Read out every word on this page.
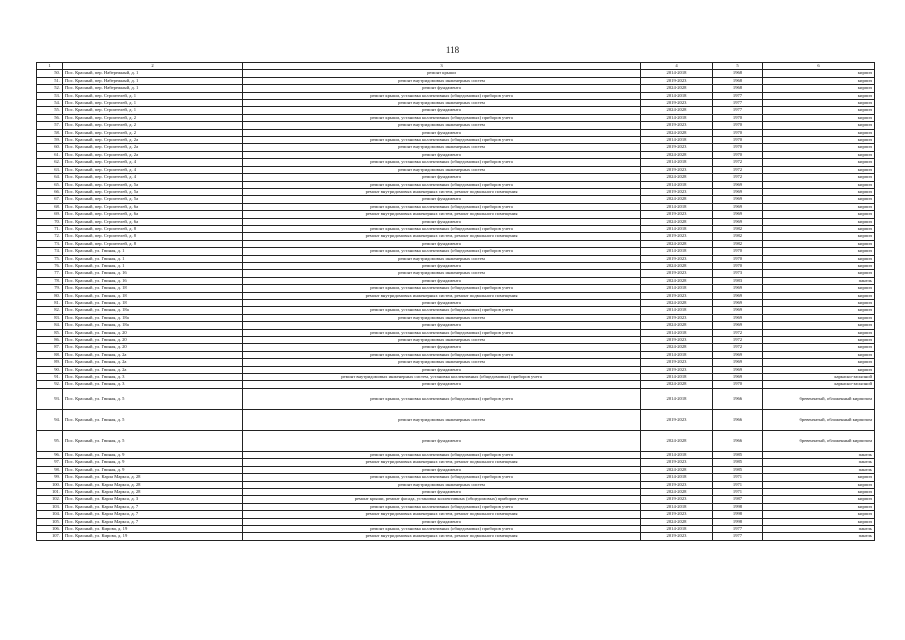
118
1	2	3	4	5	6
50.	Пос. Красный, пер. Набережный, д. 1	ремонт крыши	2014-2018	1968	кирпич
51.	Пос. Красный, пер. Набережный, д. 1	ремонт внутридомовых инженерных систем	2019-2023	1968	кирпич
52.	Пос. Красный, пер. Набережный, д. 1	ремонт фундамента	2024-2028	1968	кирпич
53.	Пос. Красный, пер. Строителей, д. 1	ремонт крыши, установка коллективных (общедомовых) приборов учета	2014-2018	1977	кирпич
54.	Пос. Красный, пер. Строителей, д. 1	ремонт внутридомовых инженерных систем	2019-2023	1977	кирпич
55.	Пос. Красный, пер. Строителей, д. 1	ремонт фундамента	2024-2028	1977	кирпич
56.	Пос. Красный, пер. Строителей, д. 2	ремонт крыши, установка коллективных (общедомовых) приборов учета	2014-2018	1970	кирпич
57.	Пос. Красный, пер. Строителей, д. 2	ремонт внутридомовых инженерных систем	2019-2023	1970	кирпич
58.	Пос. Красный, пер. Строителей, д. 2	ремонт фундамента	2024-2028	1970	кирпич
59.	Пос. Красный, пер. Строителей, д. 2а	ремонт крыши, установка коллективных (общедомовых) приборов учета	2014-2018	1970	кирпич
60.	Пос. Красный, пер. Строителей, д. 2а	ремонт внутридомовых инженерных систем	2019-2023	1970	кирпич
61.	Пос. Красный, пер. Строителей, д. 2а	ремонт фундамента	2024-2028	1970	кирпич
62.	Пос. Красный, пер. Строителей, д. 4	ремонт крыши, установка коллективных (общедомовых) приборов учета	2014-2018	1972	кирпич
63.	Пос. Красный, пер. Строителей, д. 4	ремонт внутридомовых инженерных систем	2019-2023	1972	кирпич
64.	Пос. Красный, пер. Строителей, д. 4	ремонт фундамента	2024-2028	1972	кирпич
65.	Пос. Красный, пер. Строителей, д. 5а	ремонт крыши, установка коллективных (общедомовых) приборов учета	2014-2018	1969	кирпич
66.	Пос. Красный, пер. Строителей, д. 5а	ремонт внутридомовых инженерных систем, ремонт подвального помещения	2019-2023	1969	кирпич
67.	Пос. Красный, пер. Строителей, д. 5а	ремонт фундамента	2024-2028	1969	кирпич
68.	Пос. Красный, пер. Строителей, д. 6а	ремонт крыши, установка коллективных (общедомовых) приборов учета	2014-2018	1969	кирпич
69.	Пос. Красный, пер. Строителей, д. 6а	ремонт внутридомовых инженерных систем, ремонт подвального помещения	2019-2023	1969	кирпич
70.	Пос. Красный, пер. Строителей, д. 6а	ремонт фундамента	2024-2028	1969	кирпич
71.	Пос. Красный, пер. Строителей, д. 8	ремонт крыши, установка коллективных (общедомовых) приборов учета	2014-2018	1982	кирпич
72.	Пос. Красный, пер. Строителей, д. 8	ремонт внутридомовых инженерных систем, ремонт подвального помещения	2019-2023	1982	кирпич
73.	Пос. Красный, пер. Строителей, д. 8	ремонт фундамента	2024-2028	1982	кирпич
74.	Пос. Красный, ул. Гвиная, д. 1	ремонт крыши, установка коллективных (общедомовых) приборов учета	2014-2018	1970	кирпич
75.	Пос. Красный, ул. Гвиная, д. 1	ремонт внутридомовых инженерных систем	2019-2023	1970	кирпич
76.	Пос. Красный, ул. Гвиная, д. 1	ремонт фундамента	2024-2028	1970	кирпич
77.	Пос. Красный, ул. Гвиная, д. 16	ремонт внутридомовых инженерных систем	2019-2023	1973	кирпич
78.	Пос. Красный, ул. Гвиная, д. 16	ремонт фундамента	2024-2028	1983	панель
79.	Пос. Красный, ул. Гвиная, д. 18	ремонт крыши, установка коллективных (общедомовых) приборов учета	2014-2018	1969	кирпич
80.	Пос. Красный, ул. Гвиная, д. 18	ремонт внутридомовых инженерных систем, ремонт подвального помещения	2019-2023	1969	кирпич
81.	Пос. Красный, ул. Гвиная, д. 18	ремонт фундамента	2024-2028	1969	кирпич
82.	Пос. Красный, ул. Гвиная, д. 18а	ремонт крыши, установка коллективных (общедомовых) приборов учета	2014-2018	1969	кирпич
83.	Пос. Красный, ул. Гвиная, д. 18а	ремонт внутридомовых инженерных систем	2019-2023	1969	кирпич
84.	Пос. Красный, ул. Гвиная, д. 18а	ремонт фундамента	2024-2028	1969	кирпич
85.	Пос. Красный, ул. Гвиная, д. 20	ремонт крыши, установка коллективных (общедомовых) приборов учета	2014-2018	1972	кирпич
86.	Пос. Красный, ул. Гвиная, д. 20	ремонт внутридомовых инженерных систем	2019-2023	1972	кирпич
87.	Пос. Красный, ул. Гвиная, д. 20	ремонт фундамента	2024-2028	1972	кирпич
88.	Пос. Красный, ул. Гвиная, д. 2а	ремонт крыши, установка коллективных (общедомовых) приборов учета	2014-2018	1969	кирпич
89.	Пос. Красный, ул. Гвиная, д. 2а	ремонт внутридомовых инженерных систем	2019-2023	1969	кирпич
90.	Пос. Красный, ул. Гвиная, д. 2а	ремонт фундамента	2019-2023	1969	кирпич
91.	Пос. Красный, ул. Гвиная, д. 3	ремонт внутридомовых инженерных систем, установка коллективных (общедомовых) приборов учета	2014-2018	1969	каркасно-засыпной
92.	Пос. Красный, ул. Гвиная, д. 3	ремонт фундамента	2024-2028	1970	каркасно-засыпной
93.	Пос. Красный, ул. Гвиная, д. 5	ремонт крыши, установка коллективных (общедомовых) приборов учета	2014-2018	1966	бревенчатый, обложенный кирпичом
94.	Пос. Красный, ул. Гвиная, д. 5	ремонт внутридомовых инженерных систем	2019-2023	1966	бревенчатый, обложенный кирпичом
95.	Пос. Красный, ул. Гвиная, д. 5	ремонт фундамента	2024-2028	1966	бревенчатый, обложенный кирпичом
96.	Пос. Красный, ул. Гвиная, д. 9	ремонт крыши, установка коллективных (общедомовых) приборов учета	2014-2018	1985	панель
97.	Пос. Красный, ул. Гвиная, д. 9	ремонт внутридомовых инженерных систем, ремонт подвального помещения	2019-2023	1985	панель
98.	Пос. Красный, ул. Гвиная, д. 9	ремонт фундамента	2024-2028	1985	панель
99.	Пос. Красный, ул. Карла Маркса, д. 28	ремонт крыши, установка коллективных (общедомовых) приборов учета	2014-2018	1971	кирпич
100.	Пос. Красный, ул. Карла Маркса, д. 28	ремонт внутридомовых инженерных систем	2019-2023	1971	кирпич
101.	Пос. Красный, ул. Карла Маркса, д. 28	ремонт фундамента	2024-2028	1971	кирпич
102.	Пос. Красный, ул. Карла Маркса, д. 3	ремонт крыши, ремонт фасада, установка коллективных (общедомовых) приборов учета	2019-2023	1987	кирпич
103.	Пос. Красный, ул. Карла Маркса, д. 7	ремонт крыши, установка коллективных (общедомовых) приборов учета	2014-2018	1998	кирпич
104.	Пос. Красный, ул. Карла Маркса, д. 7	ремонт внутридомовых инженерных систем, ремонт подвального помещения	2019-2023	1998	кирпич
105.	Пос. Красный, ул. Карла Маркса, д. 7	ремонт фундамента	2024-2028	1998	кирпич
106.	Пос. Красный, ул. Кирова, д. 19	ремонт крыши, установка коллективных (общедомовых) приборов учета	2014-2018	1977	панель
107.	Пос. Красный, ул. Кирова, д. 19	ремонт внутридомовых инженерных систем, ремонт подвального помещения	2019-2023	1977	панель
